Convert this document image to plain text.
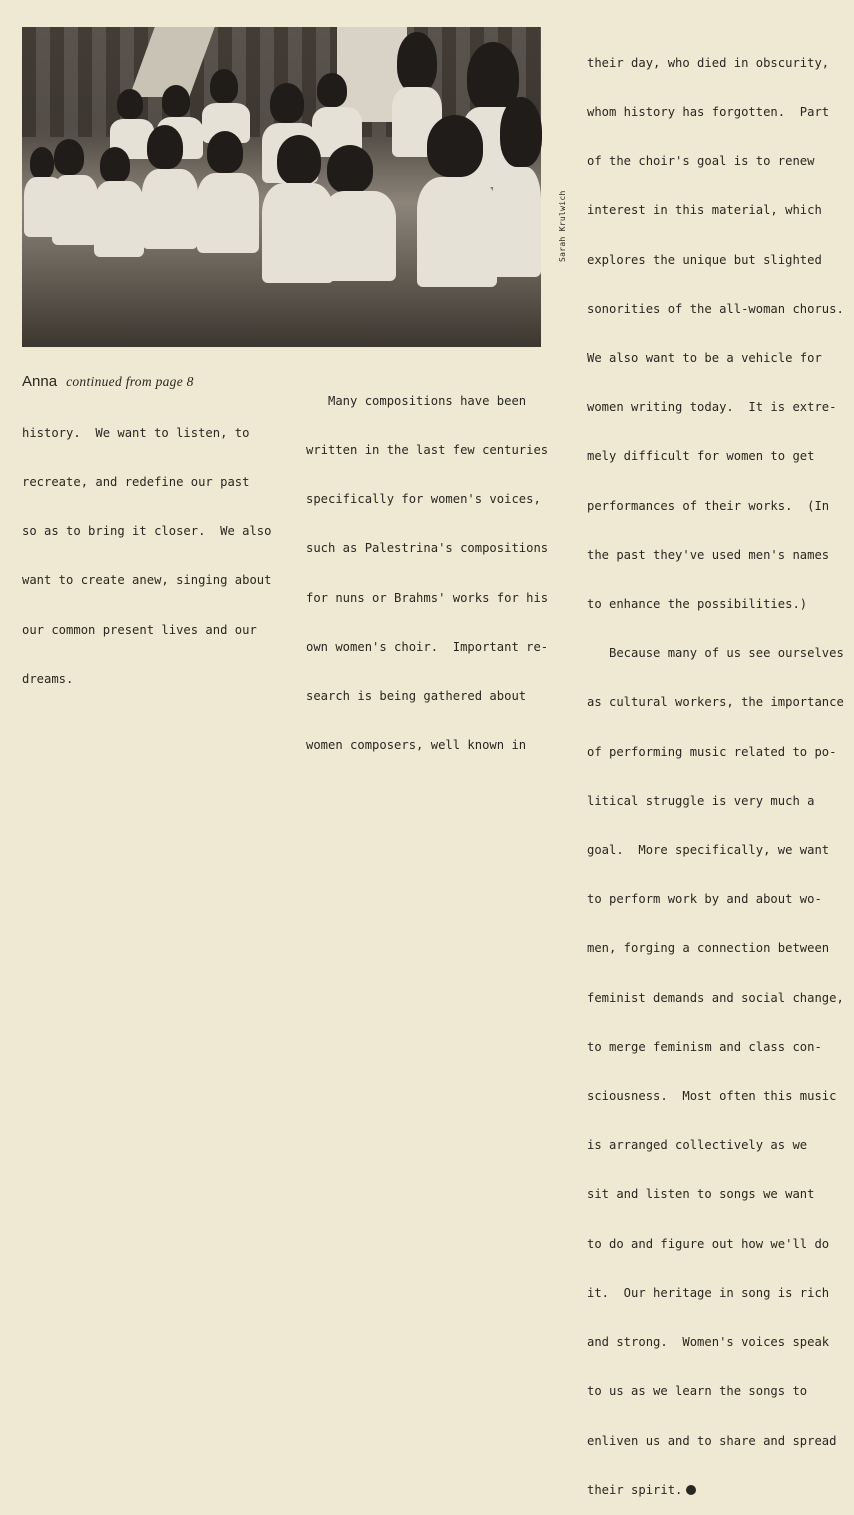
Sarah Krulwich
Anna continued from page 8

history.  We want to listen, to

recreate, and redefine our past

so as to bring it closer.  We also

want to create anew, singing about

our common present lives and our

dreams.

Many compositions have been

written in the last few centuries

specifically for women's voices,

such as Palestrina's compositions

for nuns or Brahms' works for his

own women's choir.  Important re-

search is being gathered about

women composers, well known in

their day, who died in obscurity,

whom history has forgotten.  Part

of the choir's goal is to renew

interest in this material, which

explores the unique but slighted

sonorities of the all-woman chorus.

We also want to be a vehicle for

women writing today.  It is extre-

mely difficult for women to get

performances of their works.  (In

the past they've used men's names

to enhance the possibilities.)

Because many of us see ourselves

as cultural workers, the importance

of performing music related to po-

litical struggle is very much a

goal.  More specifically, we want

to perform work by and about wo-

men, forging a connection between

feminist demands and social change,

to merge feminism and class con-

sciousness.  Most often this music

is arranged collectively as we

sit and listen to songs we want

to do and figure out how we'll do

it.  Our heritage in song is rich

and strong.  Women's voices speak

to us as we learn the songs to

enliven us and to share and spread

their spirit.
